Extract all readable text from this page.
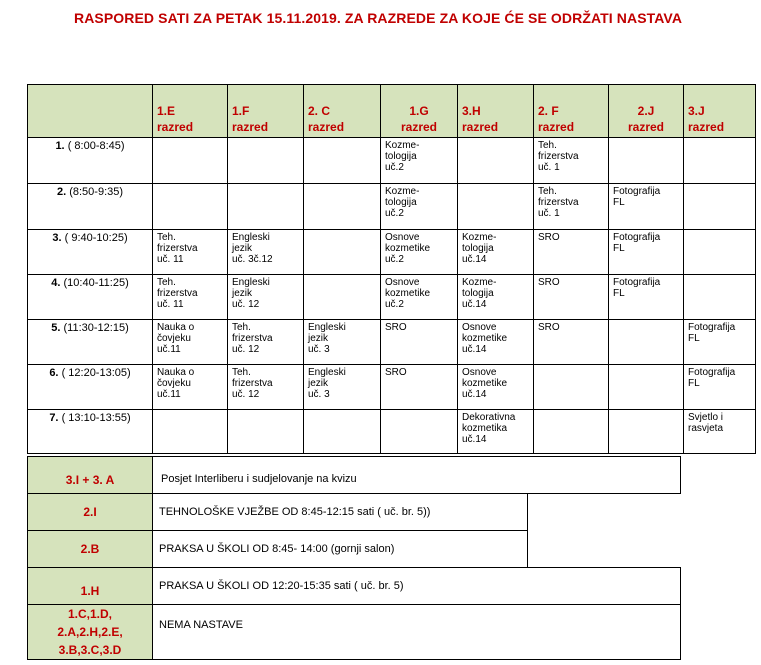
RASPORED SATI ZA PETAK 15.11.2019. ZA RAZREDE ZA KOJE ĆE SE ODRŽATI NASTAVA

	1.E
razred	1.F
razred	2. C
razred	1.G
razred	3.H
razred	2. F
razred	2.J
razred	3.J
razred

1. ( 8:00-8:45)				Kozme-
tologija
uč.2		Teh.
frizerstva
uč. 1		
2. (8:50-9:35)				Kozme-
tologija
uč.2		Teh.
frizerstva
uč. 1	Fotografija
FL	
3. ( 9:40-10:25)	Teh.
frizerstva
uč. 11	Engleski
jezik
uč. 3č.12		Osnove
kozmetike
uč.2	Kozme-
tologija
uč.14	SRO	Fotografija
FL	
4. (10:40-11:25)	Teh.
frizerstva
uč. 11	Engleski
jezik
uč. 12		Osnove
kozmetike
uč.2	Kozme-
tologija
uč.14	SRO	Fotografija
FL	
5. (11:30-12:15)	Nauka o
čovjeku
uč.11	Teh.
frizerstva
uč. 12	Engleski
jezik
uč. 3	SRO	Osnove
kozmetike
uč.14	SRO		Fotografija
FL
6. ( 12:20-13:05)	Nauka o
čovjeku
uč.11	Teh.
frizerstva
uč. 12	Engleski
jezik
uč. 3	SRO	Osnove
kozmetike
uč.14			Fotografija
FL
7. ( 13:10-13:55)					Dekorativna
kozmetika
uč.14			Svjetlo i
rasvjeta
3.I + 3. A	Posjet Interliberu i sudjelovanje na kvizu	
2.I	TEHNOLOŠKE VJEŽBE OD 8:45-12:15 sati ( uč. br. 5))	
2.B	PRAKSA U ŠKOLI OD 8:45- 14:00 (gornji salon)	
1.H	PRAKSA U ŠKOLI OD 12:20-15:35 sati ( uč. br. 5)	
1.C,1.D,
2.A,2.H,2.E,
3.B,3.C,3.D	NEMA NASTAVE	
